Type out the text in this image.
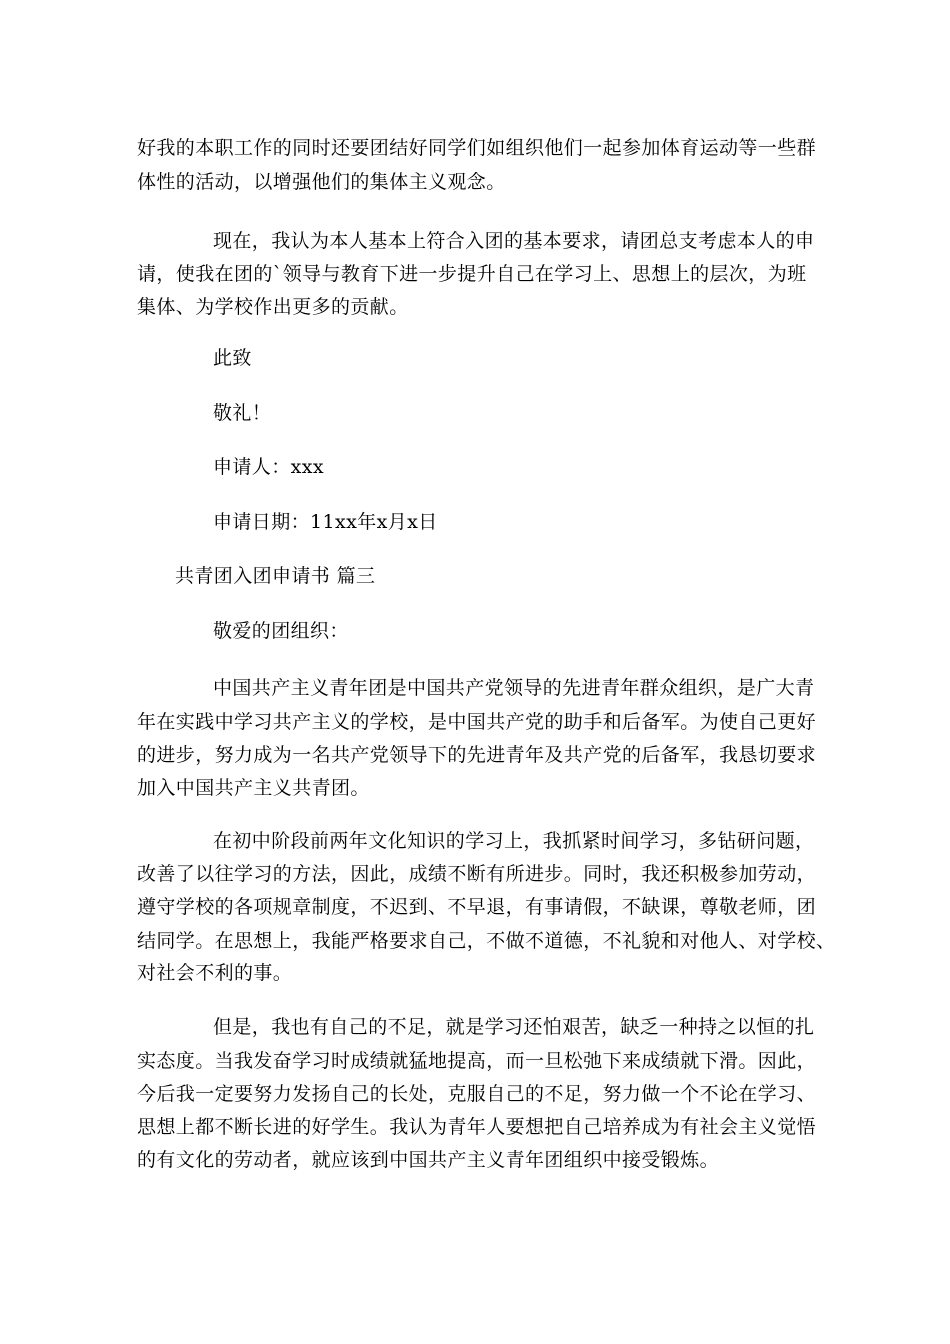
好我的本职工作的同时还要团结好同学们如组织他们一起参加体育运动等一些群

体性的活动，以增强他们的集体主义观念。

现在，我认为本人基本上符合入团的基本要求，请团总支考虑本人的申

请，使我在团的`领导与教育下进一步提升自己在学习上、思想上的层次，为班

集体、为学校作出更多的贡献。

此致

敬礼！

申请人：xxx

申请日期：11xx年x月x日

共青团入团申请书 篇三

敬爱的团组织：

中国共产主义青年团是中国共产党领导的先进青年群众组织，是广大青

年在实践中学习共产主义的学校，是中国共产党的助手和后备军。为使自己更好

的进步，努力成为一名共产党领导下的先进青年及共产党的后备军，我恳切要求

加入中国共产主义共青团。

在初中阶段前两年文化知识的学习上，我抓紧时间学习，多钻研问题，

改善了以往学习的方法，因此，成绩不断有所进步。同时，我还积极参加劳动，

遵守学校的各项规章制度，不迟到、不早退，有事请假，不缺课，尊敬老师，团

结同学。在思想上，我能严格要求自己，不做不道德，不礼貌和对他人、对学校、

对社会不利的事。

但是，我也有自己的不足，就是学习还怕艰苦，缺乏一种持之以恒的扎

实态度。当我发奋学习时成绩就猛地提高，而一旦松弛下来成绩就下滑。因此，

今后我一定要努力发扬自己的长处，克服自己的不足，努力做一个不论在学习、

思想上都不断长进的好学生。我认为青年人要想把自己培养成为有社会主义觉悟

的有文化的劳动者，就应该到中国共产主义青年团组织中接受锻炼。
